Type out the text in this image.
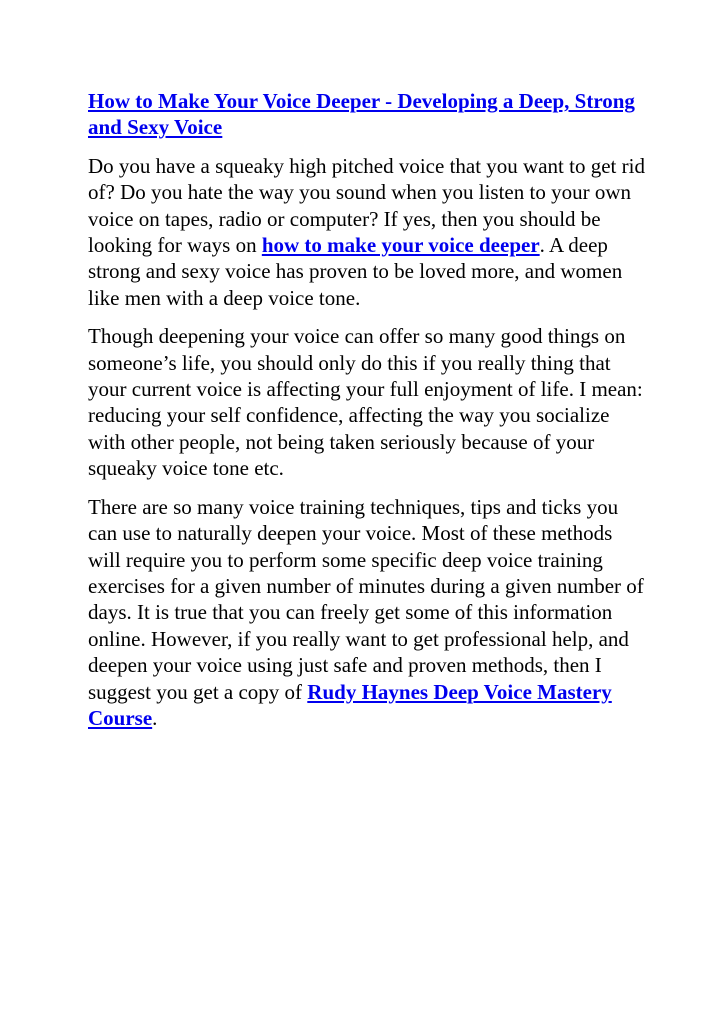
How to Make Your Voice Deeper - Developing a Deep, Strong and Sexy Voice

Do you have a squeaky high pitched voice that you want to get rid of? Do you hate the way you sound when you listen to your own voice on tapes, radio or computer? If yes, then you should be looking for ways on how to make your voice deeper. A deep strong and sexy voice has proven to be loved more, and women like men with a deep voice tone.

Though deepening your voice can offer so many good things on someone’s life, you should only do this if you really thing that your current voice is affecting your full enjoyment of life. I mean: reducing your self confidence, affecting the way you socialize with other people, not being taken seriously because of your squeaky voice tone etc.

There are so many voice training techniques, tips and ticks you can use to naturally deepen your voice. Most of these methods will require you to perform some specific deep voice training exercises for a given number of minutes during a given number of days. It is true that you can freely get some of this information online. However, if you really want to get professional help, and deepen your voice using just safe and proven methods, then I suggest you get a copy of Rudy Haynes Deep Voice Mastery Course.
